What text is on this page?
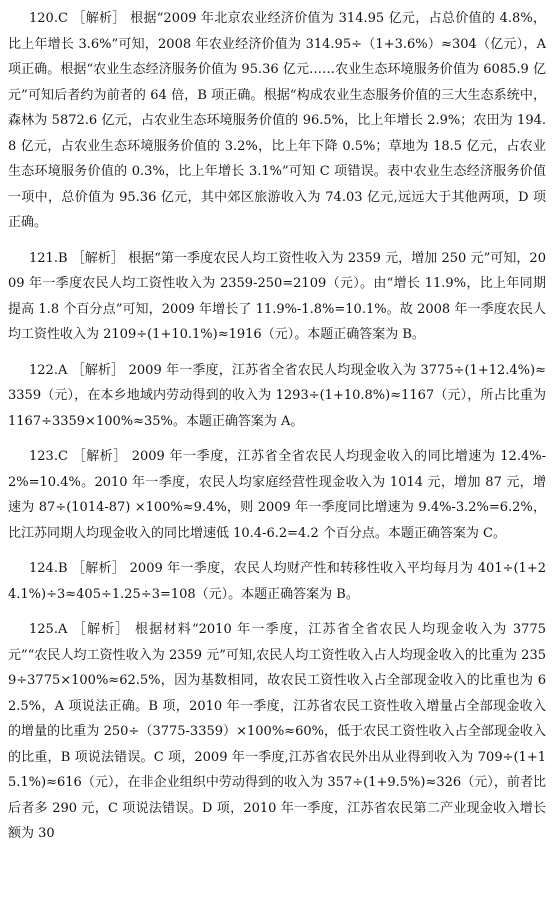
120.C ［解析］ 根据“2009 年北京农业经济价值为 314.95 亿元，占总价值的 4.8%，比上年增长 3.6%”可知，2008 年农业经济价值为 314.95÷（1+3.6%）≈304（亿元），A 项正确。根据“农业生态经济服务价值为 95.36 亿元……农业生态环境服务价值为 6085.9 亿元”可知后者约为前者的 64 倍，B 项正确。根据“构成农业生态服务价值的三大生态系统中，森林为 5872.6 亿元，占农业生态环境服务价值的 96.5%，比上年增长 2.9%；农田为 194.8 亿元，占农业生态环境服务价值的 3.2%，比上年下降 0.5%；草地为 18.5 亿元，占农业生态环境服务价值的 0.3%，比上年增长 3.1%”可知 C 项错误。表中农业生态经济服务价值一项中，总价值为 95.36 亿元，其中郊区旅游收入为 74.03 亿元,远远大于其他两项，D 项正确。

121.B ［解析］ 根据“第一季度农民人均工资性收入为 2359 元，增加 250 元”可知，2009 年一季度农民人均工资性收入为 2359-250=2109（元）。由“增长 11.9%，比上年同期提高 1.8 个百分点”可知，2009 年增长了 11.9%-1.8%=10.1%。故 2008 年一季度农民人均工资性收入为 2109÷(1+10.1%)≈1916（元）。本题正确答案为 B。

122.A ［解析］ 2009 年一季度，江苏省全省农民人均现金收入为 3775÷(1+12.4%)≈3359（元），在本乡地域内劳动得到的收入为 1293÷(1+10.8%)≈1167（元），所占比重为 1167÷3359×100%≈35%。本题正确答案为 A。

123.C ［解析］ 2009 年一季度，江苏省全省农民人均现金收入的同比增速为 12.4%-2%=10.4%。2010 年一季度，农民人均家庭经营性现金收入为 1014 元，增加 87 元，增速为 87÷(1014-87) ×100%≈9.4%，则 2009 年一季度同比增速为 9.4%-3.2%=6.2%，比江苏同期人均现金收入的同比增速低 10.4-6.2=4.2 个百分点。本题正确答案为 C。

124.B ［解析］ 2009 年一季度，农民人均财产性和转移性收入平均每月为 401÷(1+24.1%)÷3≈405÷1.25÷3=108（元）。本题正确答案为 B。

125.A ［解析］ 根据材料“2010 年一季度，江苏省全省农民人均现金收入为 3775 元”“农民人均工资性收入为 2359 元”可知,农民人均工资性收入占人均现金收入的比重为 2359÷3775×100%≈62.5%，因为基数相同，故农民工资性收入占全部现金收入的比重也为 62.5%，A 项说法正确。B 项，2010 年一季度，江苏省农民工资性收入增量占全部现金收入的增量的比重为 250÷（3775-3359）×100%≈60%，低于农民工资性收入占全部现金收入的比重，B 项说法错误。C 项，2009 年一季度,江苏省农民外出从业得到收入为 709÷(1+15.1%)≈616（元），在非企业组织中劳动得到的收入为 357÷(1+9.5%)≈326（元），前者比后者多 290 元，C 项说法错误。D 项，2010 年一季度，江苏省农民第二产业现金收入增长额为 30
